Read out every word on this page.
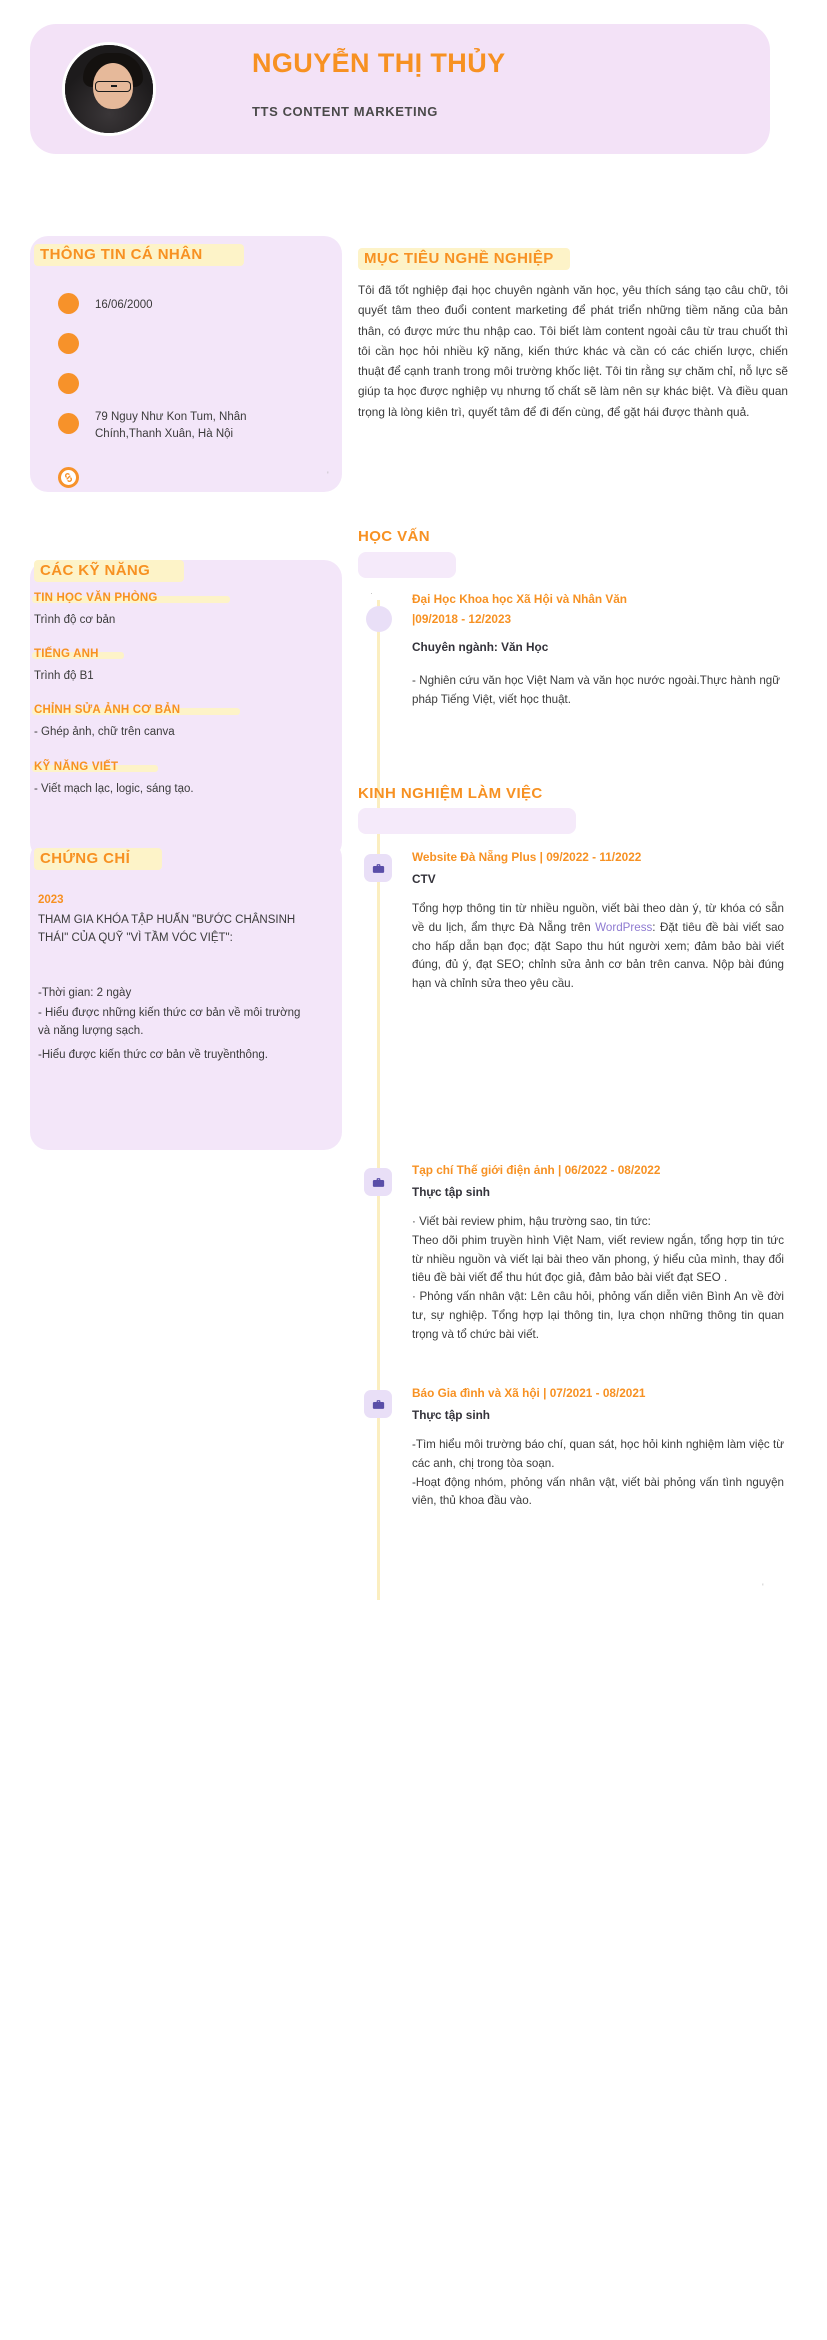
NGUYỄN THỊ THỦY
TTS CONTENT MARKETING
THÔNG TIN CÁ NHÂN
16/06/2000
79 Nguy Như Kon Tum, Nhân Chính,Thanh Xuân, Hà Nội
'
CÁC KỸ NĂNG
TIN HỌC VĂN PHÒNG
Trình độ cơ bản
TIẾNG ANH
Trình độ B1
CHỈNH SỬA ẢNH CƠ BẢN
- Ghép ảnh, chữ trên canva
KỸ NĂNG VIẾT
- Viết mạch lạc, logic, sáng tạo.
CHỨNG CHỈ
2023
THAM GIA KHÓA TẬP HUẤN "BƯỚC CHÂNSINH THÁI" CỦA QUỸ "VÌ TẦM VÓC VIỆT":
-Thời gian: 2 ngày
- Hiểu được những kiến thức cơ bản về môi trường và năng lượng sạch.
-Hiểu được kiến thức cơ bản về truyềnthông.
MỤC TIÊU NGHỀ NGHIỆP
Tôi đã tốt nghiệp đại học chuyên ngành văn học, yêu thích sáng tạo câu chữ, tôi quyết tâm theo đuổi content marketing để phát triển những tiềm năng của bản thân, có được mức thu nhập cao. Tôi biết làm content ngoài câu từ trau chuốt thì tôi cần học hỏi nhiều kỹ năng, kiến thức khác và cần có các chiến lược, chiến thuật để cạnh tranh trong môi trường khốc liệt. Tôi tin rằng sự chăm chỉ, nỗ lực sẽ giúp ta học được nghiệp vụ nhưng tố chất sẽ làm nên sự khác biệt. Và điều quan trọng là lòng kiên trì, quyết tâm để đi đến cùng, để gặt hái được thành quả.
HỌC VẤN
·	Đại Học Khoa học Xã Hội và Nhân Văn
|09/2018 - 12/2023
Chuyên ngành: Văn Học
- Nghiên cứu văn học Việt Nam và văn học nước ngoài.Thực hành ngữ pháp Tiếng Việt, viết học thuật.
KINH NGHIỆM LÀM VIỆC
Website Đà Nẵng Plus | 09/2022 - 11/2022
CTV
Tổng hợp thông tin từ nhiều nguồn, viết bài theo dàn ý, từ khóa có sẵn về du lịch, ẩm thực Đà Nẵng trên WordPress: Đặt tiêu đề bài viết sao cho hấp dẫn bạn đọc; đặt Sapo thu hút người xem; đảm bảo bài viết đúng, đủ ý, đạt SEO; chỉnh sửa ảnh cơ bản trên canva. Nộp bài đúng hạn và chỉnh sửa theo yêu cầu.
Tạp chí Thế giới điện ảnh | 06/2022 - 08/2022
Thực tập sinh
· Viết bài review phim, hậu trường sao, tin tức:
Theo dõi phim truyền hình Việt Nam, viết review ngắn, tổng hợp tin tức từ nhiều nguồn và viết lại bài theo văn phong, ý hiểu của mình, thay đổi tiêu đề bài viết để thu hút đọc giả, đảm bảo bài viết đạt SEO .
· Phỏng vấn nhân vật: Lên câu hỏi, phỏng vấn diễn viên Bình An về đời tư, sự nghiệp. Tổng hợp lại thông tin, lựa chọn những thông tin quan trọng và tổ chức bài viết.
Báo Gia đình và Xã hội | 07/2021 - 08/2021
Thực tập sinh
-Tìm hiểu môi trường báo chí, quan sát, học hỏi kinh nghiệm làm việc từ các anh, chị trong tòa soạn.
-Hoạt động nhóm, phỏng vấn nhân vật, viết bài phỏng vấn tình nguyện viên, thủ khoa đầu vào.
'
